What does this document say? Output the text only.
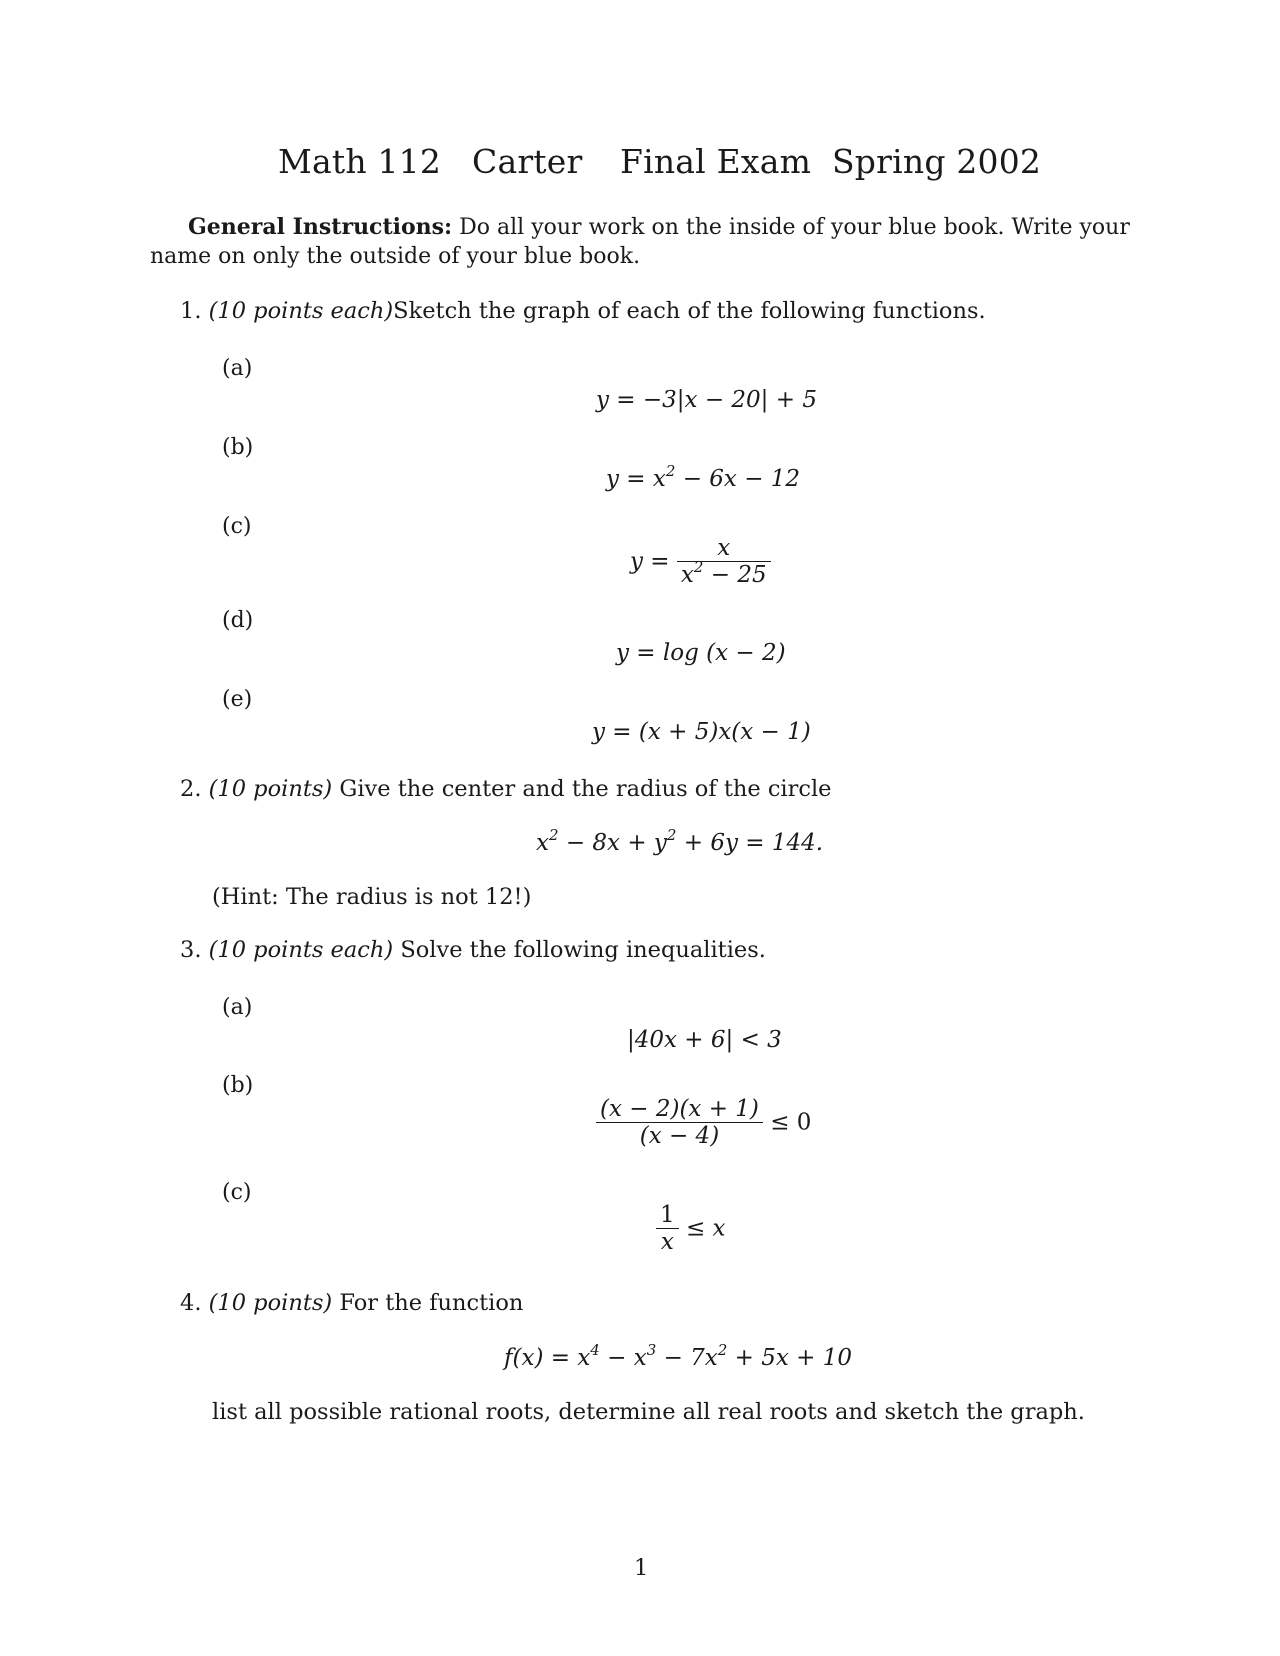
Math 112 Carter Final Exam Spring 2002
General Instructions: Do all your work on the inside of your blue book. Write your
name on only the outside of your blue book.
1. (10 points each)Sketch the graph of each of the following functions.
(a)
y = −3|x − 20| + 5
(b)
$y = x^2 - 6x - 12$
(c)
$y = \frac{x}{x^2 - 25}$
(d)
y = log (x − 2)
(e)
y = (x + 5)x(x − 1)
2. (10 points) Give the center and the radius of the circle
$x^2 - 8x + y^2 + 6y = 144$.
(Hint: The radius is not 12!)
3. (10 points each) Solve the following inequalities.
(a)
|40x + 6| < 3
(b)
$\frac{(x - 2)(x + 1)}{(x - 4)} \le 0$
(c)
$\frac{1}{x} \le x$
4. (10 points) For the function
$f(x) = x^4 - x^3 - 7x^2 + 5x + 10$
list all possible rational roots, determine all real roots and sketch the graph.
1
